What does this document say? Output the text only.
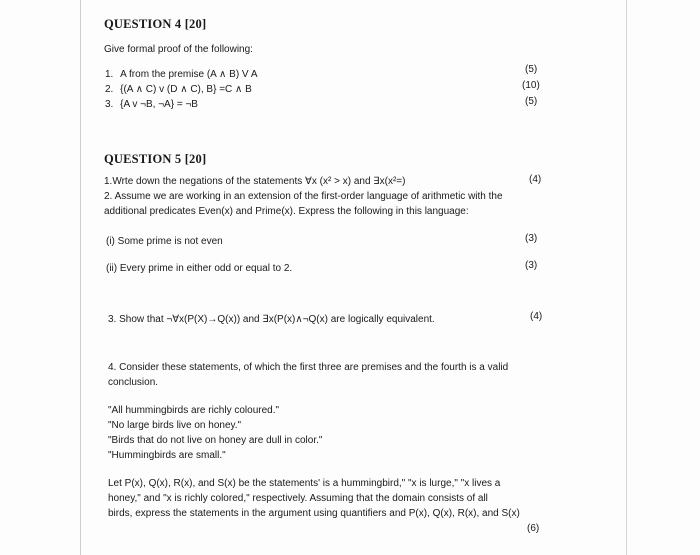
QUESTION 4 [20]
Give formal proof of the following:
1. A from the premise (A ∧ B) V A	(5)
2. {(A ∧ C) v (D ∧ C), B} =C ∧ B	(10)
3. {A v ¬B, ¬A} = ¬B	(5)
QUESTION 5 [20]
1.Wrte down the negations of the statements ∀x (x² > x) and ∃x(x²=)	(4)
2. Assume we are working in an extension of the first-order language of arithmetic with the
additional predicates Even(x) and Prime(x). Express the following in this language:
(i) Some prime is not even	(3)
(ii) Every prime in either odd or equal to 2.	(3)
3. Show that ¬∀x(P(X)→Q(x)) and ∃x(P(x)∧¬Q(x) are logically equivalent.	(4)
4. Consider these statements, of which the first three are premises and the fourth is a valid
conclusion.
"All hummingbirds are richly coloured."
"No large birds live on honey."
"Birds that do not live on honey are dull in color."
"Hummingbirds are small."
Let P(x), Q(x), R(x), and S(x) be the statements' is a hummingbird," "x is lurge," "x lives a
honey," and "x is richly colored," respectively. Assuming that the domain consists of all
birds, express the statements in the argument using quantifiers and P(x), Q(x), R(x), and S(x)
(6)
